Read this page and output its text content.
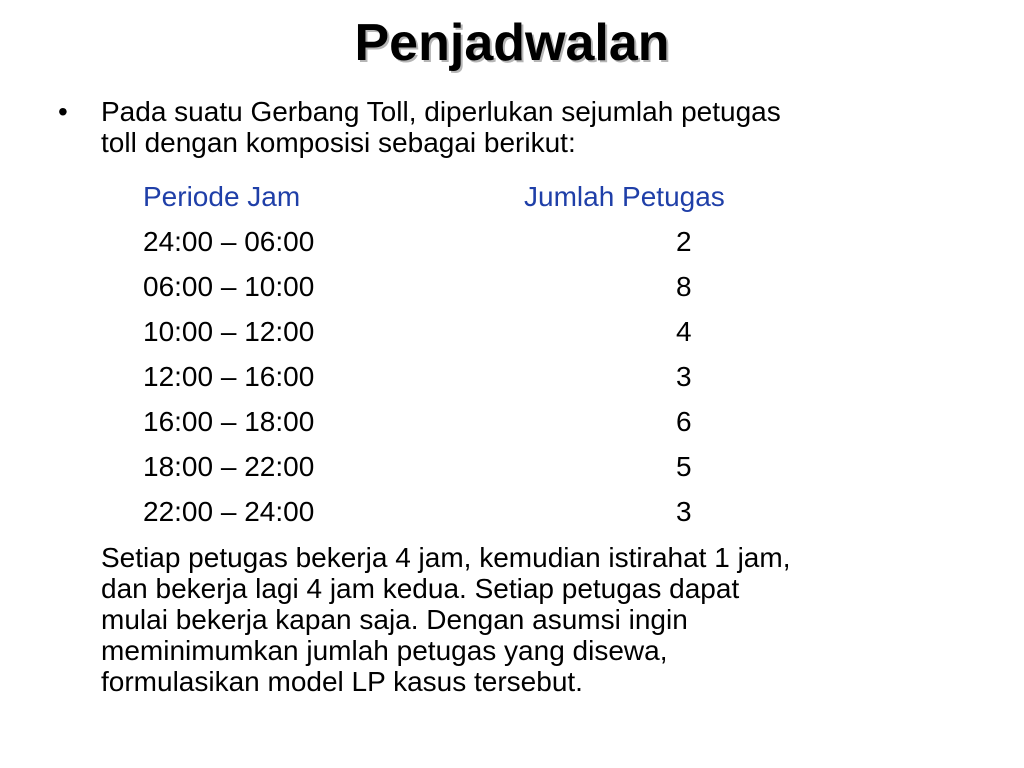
Penjadwalan
•	Pada suatu Gerbang Toll, diperlukan sejumlah petugas
toll dengan komposisi sebagai berikut:
Periode Jam	Jumlah Petugas
24:00 – 06:00	2
06:00 – 10:00	8
10:00 – 12:00	4
12:00 – 16:00	3
16:00 – 18:00	6
18:00 – 22:00	5
22:00 – 24:00	3
Setiap petugas bekerja 4 jam, kemudian istirahat 1 jam,
dan bekerja lagi 4 jam kedua. Setiap petugas dapat
mulai bekerja kapan saja. Dengan asumsi ingin
meminimumkan jumlah petugas yang disewa,
formulasikan model LP kasus tersebut.
